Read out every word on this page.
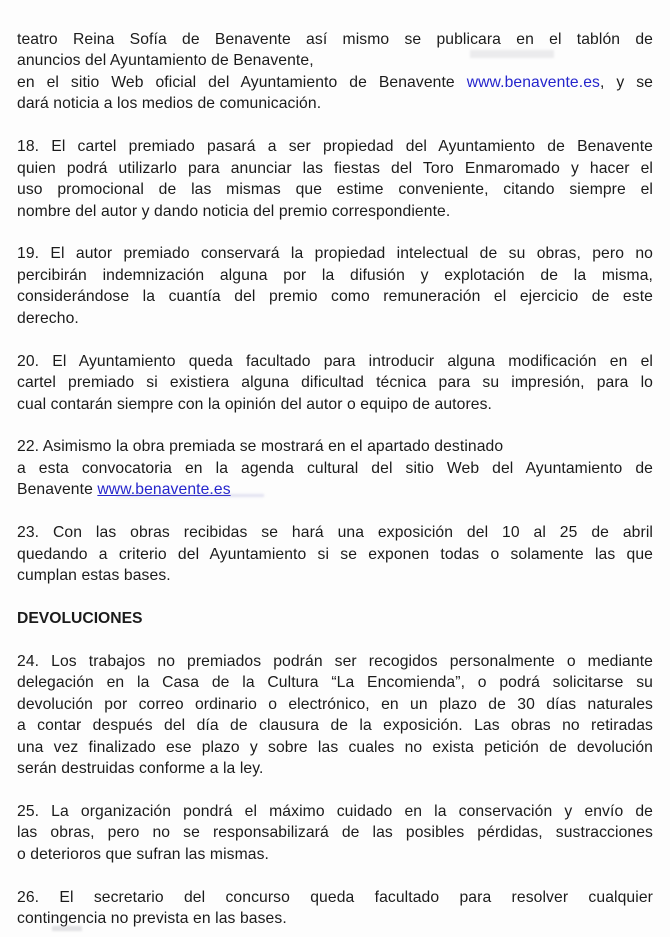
teatro Reina Sofía de Benavente así mismo se publicara en el tablón de
anuncios del Ayuntamiento de Benavente,
en el sitio Web oficial del Ayuntamiento de Benavente www.benavente.es, y se
dará noticia a los medios de comunicación.
18. El cartel premiado pasará a ser propiedad del Ayuntamiento de Benavente
quien podrá utilizarlo para anunciar las fiestas del Toro Enmaromado y hacer el
uso promocional de las mismas que estime conveniente, citando siempre el
nombre del autor y dando noticia del premio correspondiente.
19. El autor premiado conservará la propiedad intelectual de su obras, pero no
percibirán indemnización alguna por la difusión y explotación de la misma,
considerándose la cuantía del premio como remuneración el ejercicio de este
derecho.
20. El Ayuntamiento queda facultado para introducir alguna modificación en el
cartel premiado si existiera alguna dificultad técnica para su impresión, para lo
cual contarán siempre con la opinión del autor o equipo de autores.
22. Asimismo la obra premiada se mostrará en el apartado destinado
a esta convocatoria en la agenda cultural del sitio Web del Ayuntamiento de
Benavente www.benavente.es
23. Con las obras recibidas se hará una exposición del 10 al 25 de abril
quedando a criterio del Ayuntamiento si se exponen todas o solamente las que
cumplan estas bases.
DEVOLUCIONES
24. Los trabajos no premiados podrán ser recogidos personalmente o mediante
delegación en la Casa de la Cultura “La Encomienda”, o podrá solicitarse su
devolución por correo ordinario o electrónico, en un plazo de 30 días naturales
a contar después del día de clausura de la exposición. Las obras no retiradas
una vez finalizado ese plazo y sobre las cuales no exista petición de devolución
serán destruidas conforme a la ley.
25. La organización pondrá el máximo cuidado en la conservación y envío de
las obras, pero no se responsabilizará de las posibles pérdidas, sustracciones
o deterioros que sufran las mismas.
26. El secretario del concurso queda facultado para resolver cualquier
contingencia no prevista en las bases.
